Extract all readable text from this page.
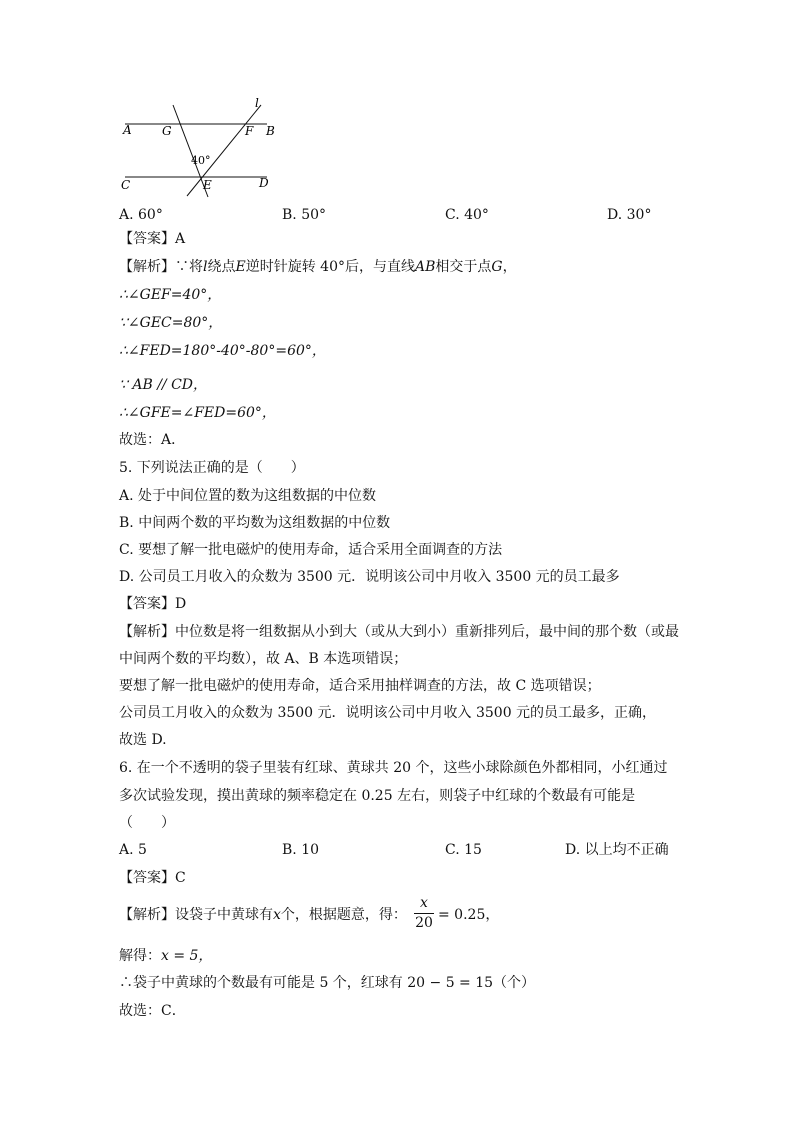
l
A	G	F B
40°
C	E	D
A. 60°	B. 50°	C. 40°	D. 30°
【答案】A
【解析】∵将l绕点E逆时针旋转 40°后，与直线AB相交于点G，
∴∠GEF=40°，
∵∠GEC=80°，
∴∠FED=180°-40°-80°=60°，
∵ AB // CD，
∴∠GFE=∠FED=60°，
故选：A．
5. 下列说法正确的是（　　）
A. 处于中间位置的数为这组数据的中位数
B. 中间两个数的平均数为这组数据的中位数
C. 要想了解一批电磁炉的使用寿命，适合采用全面调查的方法
D. 公司员工月收入的众数为 3500 元．说明该公司中月收入 3500 元的员工最多
【答案】D
【解析】中位数是将一组数据从小到大（或从大到小）重新排列后，最中间的那个数（或最
中间两个数的平均数），故 A、B 本选项错误；
要想了解一批电磁炉的使用寿命，适合采用抽样调查的方法，故 C 选项错误；
公司员工月收入的众数为 3500 元．说明该公司中月收入 3500 元的员工最多，正确，
故选 D.
6. 在一个不透明的袋子里装有红球、黄球共 20 个，这些小球除颜色外都相同，小红通过
多次试验发现，摸出黄球的频率稳定在 0.25 左右，则袋子中红球的个数最有可能是
（　　）
A. 5	B. 10	C. 15	D. 以上均不正确
【答案】C
【解析】设袋子中黄球有x个，根据题意，得：
x
20 = 0.25，
解得：x = 5，
∴袋子中黄球的个数最有可能是 5 个，红球有 20 − 5 = 15（个）
故选：C．
